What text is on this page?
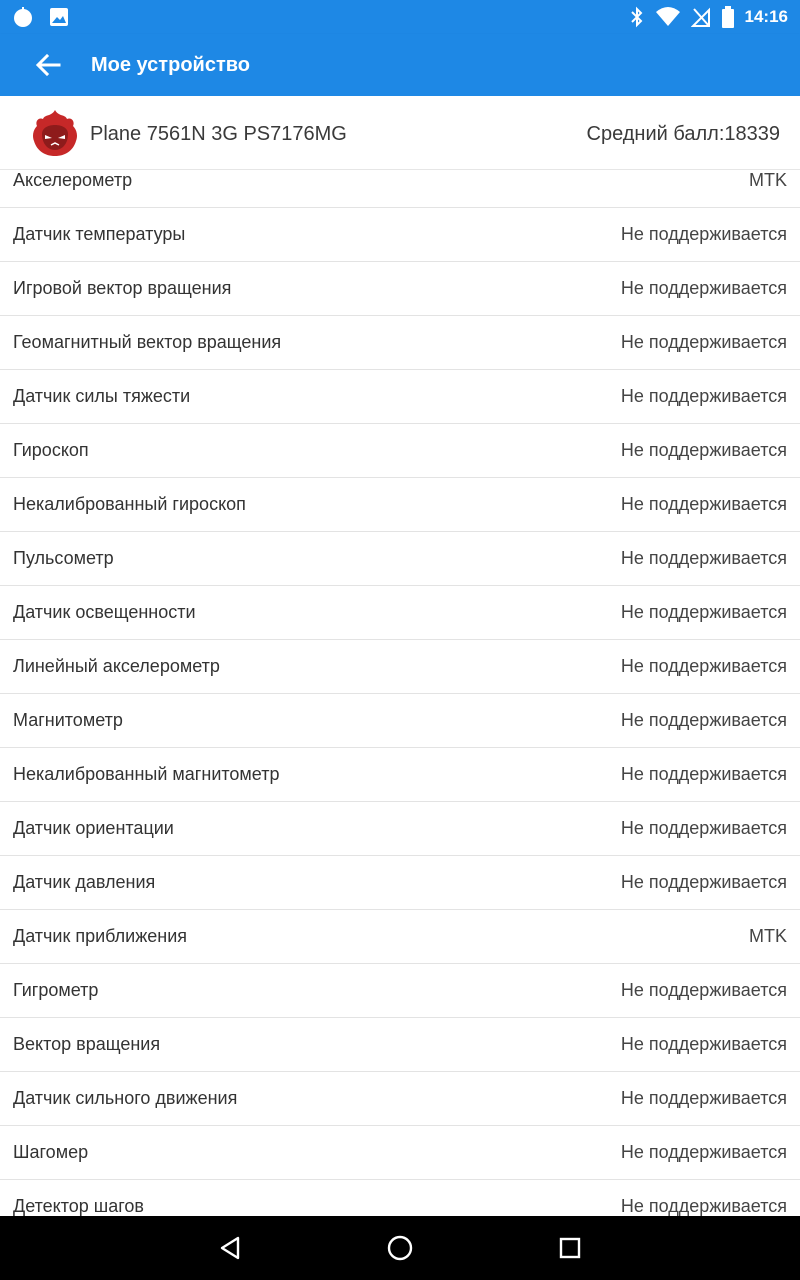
14:16
Мое устройство
Plane 7561N 3G PS7176MG	Средний балл:18339
Акселерометр	MTK
Датчик температуры	Не поддерживается
Игровой вектор вращения	Не поддерживается
Геомагнитный вектор вращения	Не поддерживается
Датчик силы тяжести	Не поддерживается
Гироскоп	Не поддерживается
Некалиброванный гироскоп	Не поддерживается
Пульсометр	Не поддерживается
Датчик освещенности	Не поддерживается
Линейный акселерометр	Не поддерживается
Магнитометр	Не поддерживается
Некалиброванный магнитометр	Не поддерживается
Датчик ориентации	Не поддерживается
Датчик давления	Не поддерживается
Датчик приближения	MTK
Гигрометр	Не поддерживается
Вектор вращения	Не поддерживается
Датчик сильного движения	Не поддерживается
Шагомер	Не поддерживается
Детектор шагов	Не поддерживается
